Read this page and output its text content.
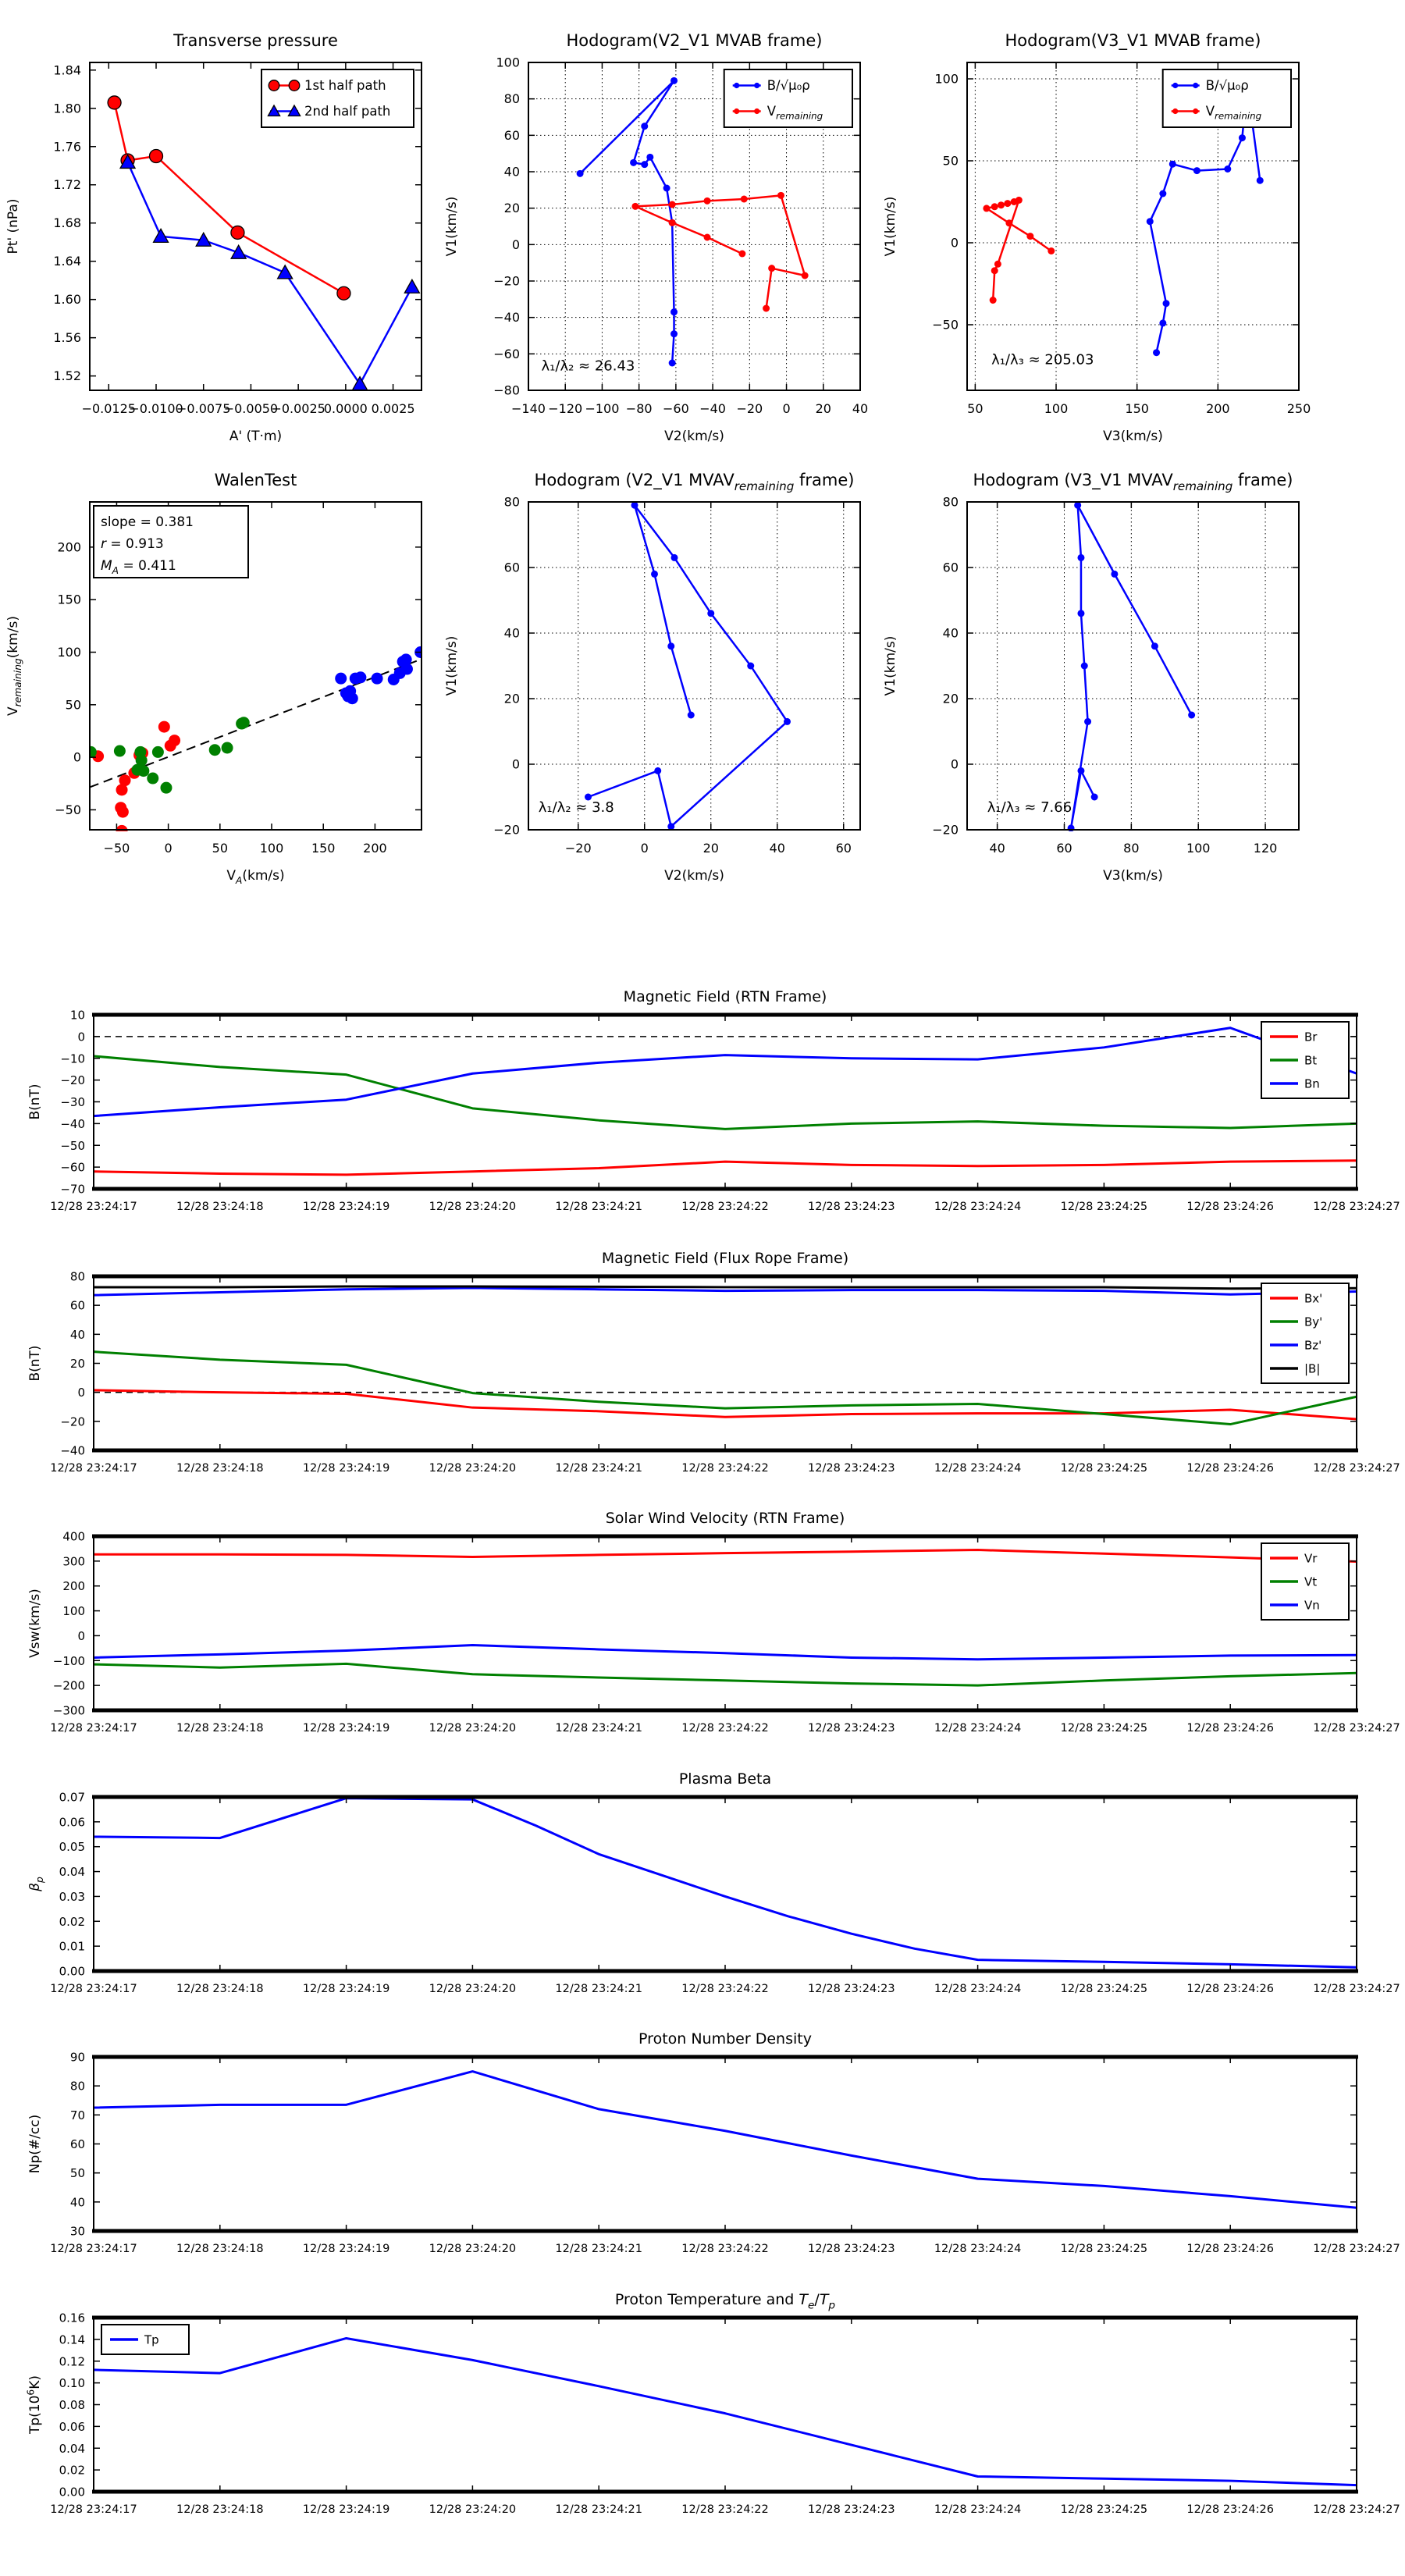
−0.0125
−0.0100
−0.0075
−0.0050
−0.0025
0.0000 0.0025
1.52
1.56
1.60
1.64
1.68
1.72
1.76
1.80
1.84
Transverse pressure
A' (T·m)
Pt' (nPa)
1st half path
2nd half path
−140 −120 −100 −80 −60 −40 −20 0 20 40
−80
−60
−40
−20
0
20
40
60
80
100
Hodogram(V2_V1 MVAB frame)
V2(km/s)
V1(km/s)
λ₁/λ₂ ≈ 26.43
B/√μ₀ρ
$V_{remaining}$
50	100	150	200	250
−50
0
50
100
Hodogram(V3_V1 MVAB frame)
V3(km/s)
V1(km/s)
λ₁/λ₃ ≈ 205.03
B/√μ₀ρ
$V_{remaining}$
−50	0	50	100 150 200
−50
0
50
100
150
200
WalenTest
$V_A(km/s)$
$V_{remaining}(km/s)$
slope = 0.381
r = 0.913
$M_A = 0.411$
−20	0	20	40	60
−20
0
20
40
60
80
Hodogram (V2_V1 $MVAV_{remaining}$ frame)
V2(km/s)
V1(km/s)
λ₁/λ₂ ≈ 3.8
40	60	80	100	120
−20
0
20
40
60
80
Hodogram (V3_V1 $MVAV_{remaining}$ frame)
V3(km/s)
V1(km/s)
λ₁/λ₃ ≈ 7.66
12/28 23:24:17	12/28 23:24:18	12/28 23:24:19	12/28 23:24:20	12/28 23:24:21	12/28 23:24:22	12/28 23:24:23	12/28 23:24:24	12/28 23:24:25	12/28 23:24:26	12/28 23:24:27
−70
−60
−50
−40
−30
−20
−10
0
10
Magnetic Field (RTN Frame)
B(nT)
Br
Bt
Bn
12/28 23:24:17	12/28 23:24:18	12/28 23:24:19	12/28 23:24:20	12/28 23:24:21	12/28 23:24:22	12/28 23:24:23	12/28 23:24:24	12/28 23:24:25	12/28 23:24:26	12/28 23:24:27
−40
−20
0
20
40
60
80
Magnetic Field (Flux Rope Frame)
B(nT)
Bx'
By'
Bz'
|B|
12/28 23:24:17	12/28 23:24:18	12/28 23:24:19	12/28 23:24:20	12/28 23:24:21	12/28 23:24:22	12/28 23:24:23	12/28 23:24:24	12/28 23:24:25	12/28 23:24:26	12/28 23:24:27
−300
−200
−100
0
100
200
300
400
Solar Wind Velocity (RTN Frame)
Vsw(km/s)
Vr
Vt
Vn
12/28 23:24:17	12/28 23:24:18	12/28 23:24:19	12/28 23:24:20	12/28 23:24:21	12/28 23:24:22	12/28 23:24:23	12/28 23:24:24	12/28 23:24:25	12/28 23:24:26	12/28 23:24:27
0.00
0.01
0.02
0.03
0.04
0.05
0.06
0.07
Plasma Beta
$\beta_p$
12/28 23:24:17	12/28 23:24:18	12/28 23:24:19	12/28 23:24:20	12/28 23:24:21	12/28 23:24:22	12/28 23:24:23	12/28 23:24:24	12/28 23:24:25	12/28 23:24:26	12/28 23:24:27
30
40
50
60
70
80
90
Proton Number Density
Np(#/cc)
12/28 23:24:17	12/28 23:24:18	12/28 23:24:19	12/28 23:24:20	12/28 23:24:21	12/28 23:24:22	12/28 23:24:23	12/28 23:24:24	12/28 23:24:25	12/28 23:24:26	12/28 23:24:27
0.00
0.02
0.04
0.06
0.08
0.10
0.12
0.14
0.16
Proton Temperature and $T_e/T_p$
$Tp(10^6K)$
Tp
